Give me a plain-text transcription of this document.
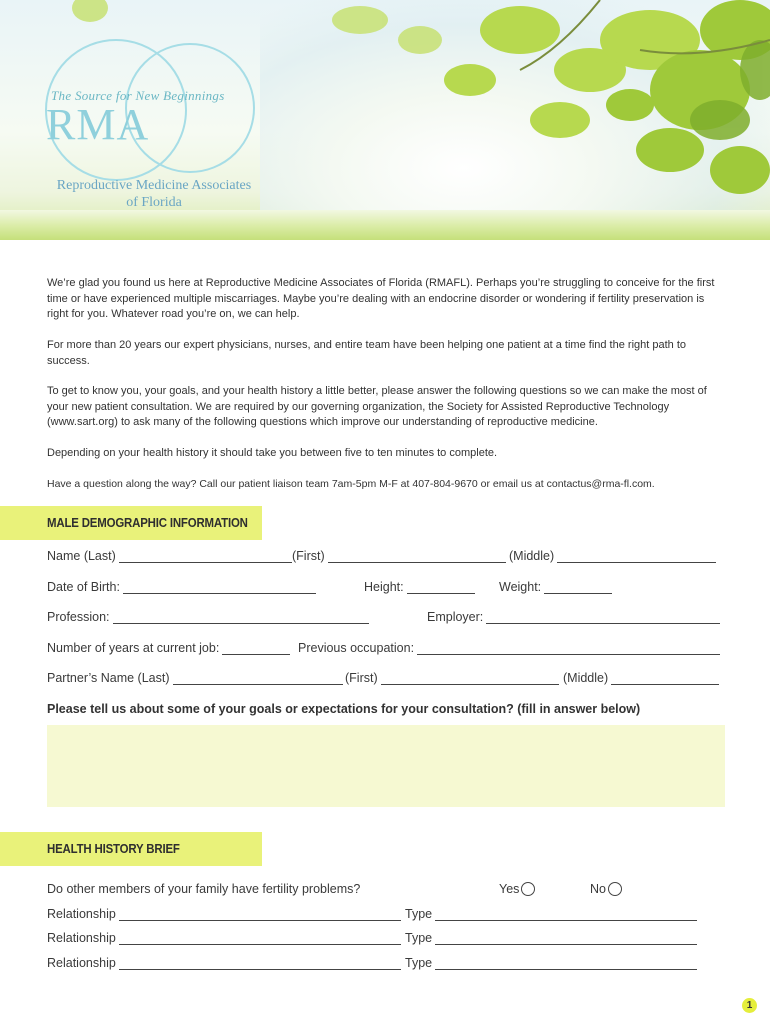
The Source for New Beginnings
RMA
Reproductive Medicine Associates
of Florida
We’re glad you found us here at Reproductive Medicine Associates of Florida (RMAFL). Perhaps you’re struggling to conceive for the first time or have experienced multiple miscarriages. Maybe you’re dealing with an endocrine disorder or wondering if fertility preservation is right for you. Whatever road you’re on, we can help.
For more than 20 years our expert physicians, nurses, and entire team have been helping one patient at a time find the right path to success.
To get to know you, your goals, and your health history a little better, please answer the following questions so we can make the most of your new patient consultation. We are required by our governing organization, the Society for Assisted Reproductive Technology (www.sart.org) to ask many of the following questions which improve our understanding of reproductive medicine.
Depending on your health history it should take you between five to ten minutes to complete.
Have a question along the way? Call our patient liaison team 7am-5pm M-F at 407-804-9670 or email us at contactus@rma-fl.com.
MALE DEMOGRAPHIC INFORMATION
Name (Last)	(First)	(Middle)
Date of Birth:	Height:	Weight:
Profession:	Employer:
Number of years at current job:	Previous occupation:
Partner’s Name (Last)	(First)	(Middle)
Please tell us about some of your goals or expectations for your consultation? (fill in answer below)
HEALTH HISTORY BRIEF
Do other members of your family have fertility problems?	Yes	No
Relationship	Type
Relationship	Type
Relationship	Type
1
